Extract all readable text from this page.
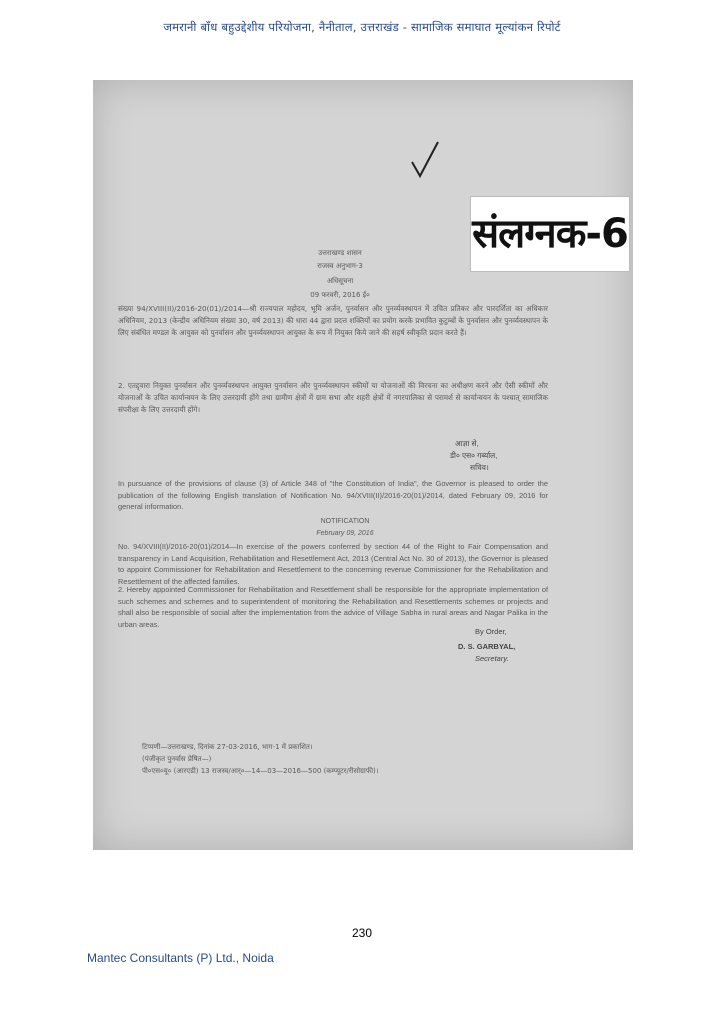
जमरानी बाँध बहुउद्देशीय परियोजना, नैनीताल, उत्तराखंड - सामाजिक समाघात मूल्यांकन रिपोर्ट
संलग्नक-6
उत्तराखण्ड शासन
राजस्व अनुभाग-3
अधिसूचना
09 फरवरी, 2016 ई०
संख्या 94/XVIII(II)/2016-20(01)/2014—श्री राज्यपाल महोदय, भूमि अर्जन, पुनर्वासन और पुनर्व्यवस्थापन में उचित प्रतिकर और पारदर्शिता का अधिकार अधिनियम, 2013 (केन्द्रीय अधिनियम संख्या 30, वर्ष 2013) की धारा 44 द्वारा प्रदत्त शक्तियों का प्रयोग करके प्रभावित कुटुम्बों के पुनर्वासन और पुनर्व्यवस्थापन के लिए संबंधित मण्डल के आयुक्त को पुनर्वासन और पुनर्व्यवस्थापन आयुक्त के रूप में नियुक्त किये जाने की सहर्ष स्वीकृति प्रदान करते हैं।
2. एतद्द्वारा नियुक्त पुनर्वासन और पुनर्व्यवस्थापन आयुक्त पुनर्वासन और पुनर्व्यवस्थापन स्कीमों या योजनाओं की विरचना का अधीक्षण करने और ऐसी स्कीमों और योजनाओं के उचित कार्यान्वयन के लिए उत्तरदायी होंगे तथा ग्रामीण क्षेत्रों में ग्राम सभा और शहरी क्षेत्रों में नगरपालिका से परामर्श से कार्यान्वयन के पश्चात् सामाजिक संपरीक्षा के लिए उत्तरदायी होंगे।
आज्ञा से,
डी० एस० गर्ब्याल,
सचिव।
In pursuance of the provisions of clause (3) of Article 348 of "the Constitution of India", the Governor is pleased to order the publication of the following English translation of Notification No. 94/XVIII(II)/2016-20(01)/2014, dated February 09, 2016 for general information.
NOTIFICATION
February 09, 2016
No. 94/XVIII(II)/2016-20(01)/2014—In exercise of the powers conferred by section 44 of the Right to Fair Compensation and transparency in Land Acquisition, Rehabilitation and Resettlement Act, 2013 (Central Act No. 30 of 2013), the Governor is pleased to appoint Commissioner for Rehabilitation and Resettlement to the concerning revenue Commissioner for the Rehabilitation and Resettlement of the affected families.
2. Hereby appointed Commissioner for Rehabilitation and Resettlement shall be responsible for the appropriate implementation of such schemes and schemes and to superintendent of monitoring the Rehabilitation and Resettlements schemes or projects and shall also be responsible of social after the implementation from the advice of Village Sabha in rural areas and Nagar Palika in the urban areas.
By Order,
D. S. GARBYAL,
Secretary.
टिप्पणी—उत्तराखण्ड, दिनांक 27-03-2016, भाग-1 में प्रकाशित।
(पंजीकृत पुनर्वास प्रेषित—)
पी०एस०यू० (आरएडी) 13 राजस्व/आर्०—14—03—2016—500 (कम्प्यूटर/रीसोग्राफी)।
230
Mantec Consultants (P) Ltd., Noida
